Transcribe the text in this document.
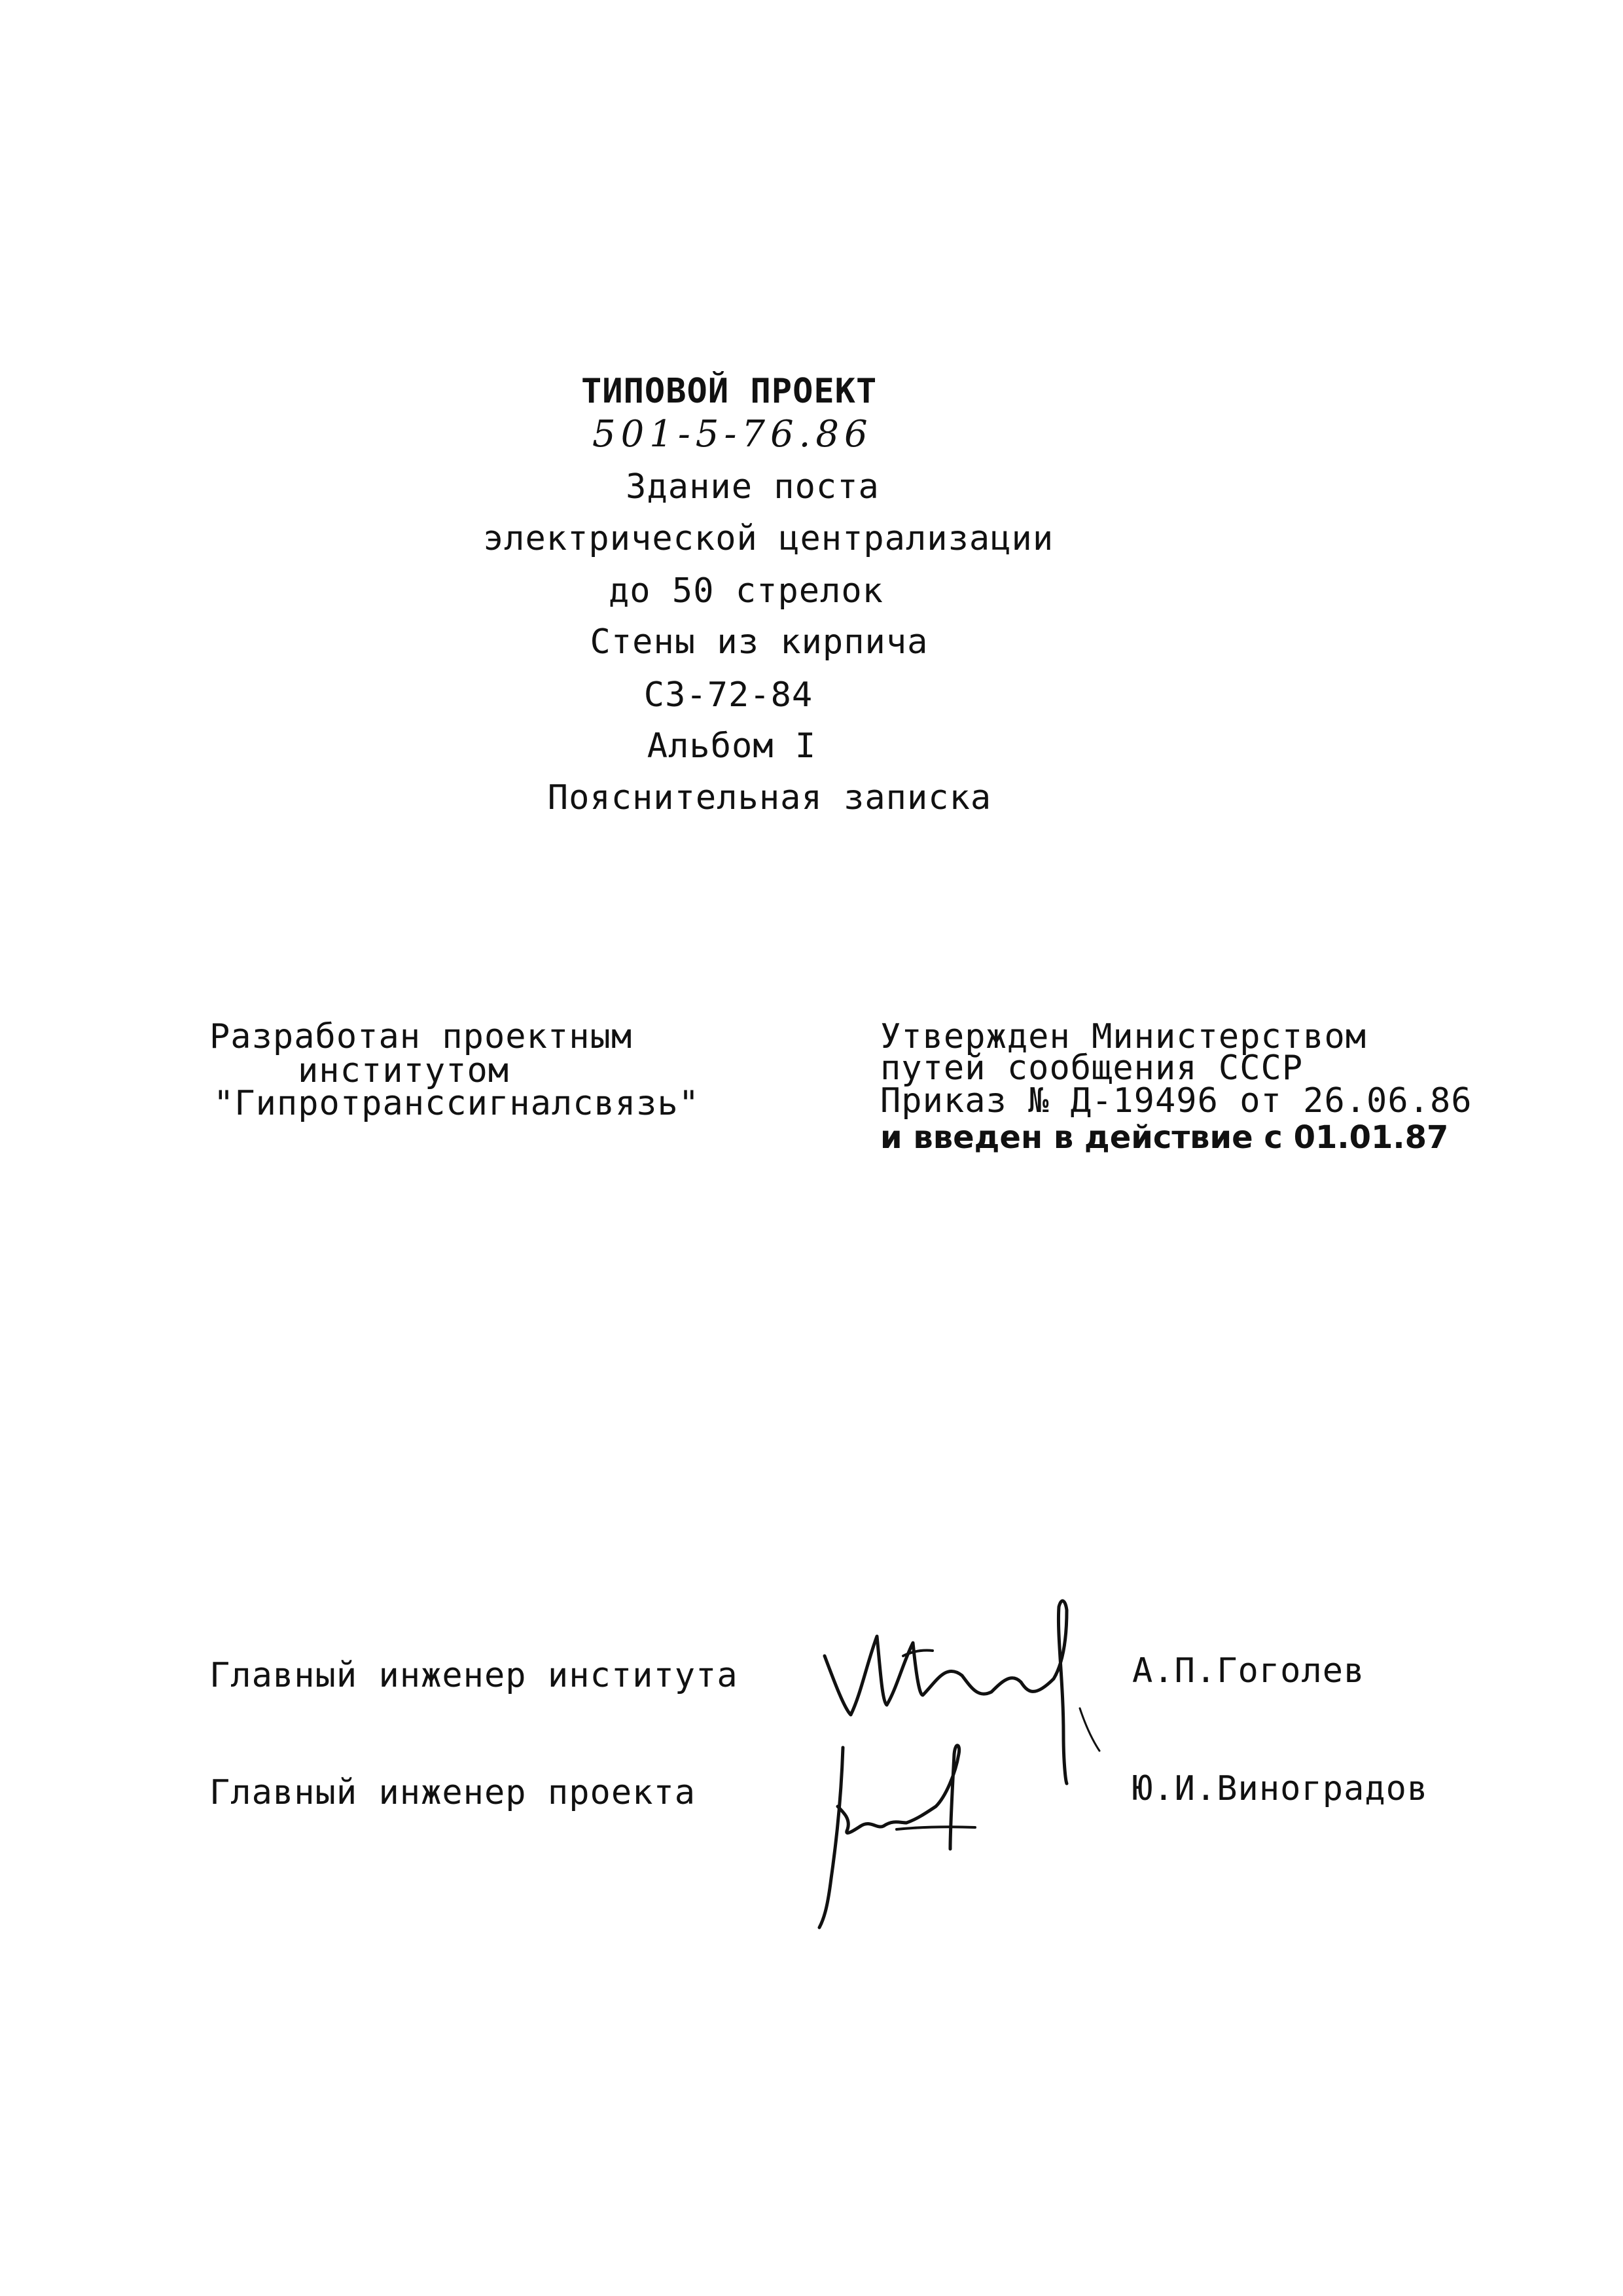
ТИПОВОЙ ПРОЕКТ
501-5-76.86
Здание поста
электрической централизации
до 50 стрелок
Стены из кирпича
СЗ-72-84
Альбом I
Пояснительная записка
Разработан проектным
институтом
"Гипротранссигналсвязь"
Утвержден Министерством
путей сообщения СССР
Приказ № Д-19496 от 26.06.86
и введен в действие с 01.01.87
Главный инженер института	А.П.Гоголев
Главный инженер проекта	Ю.И.Виноградов
